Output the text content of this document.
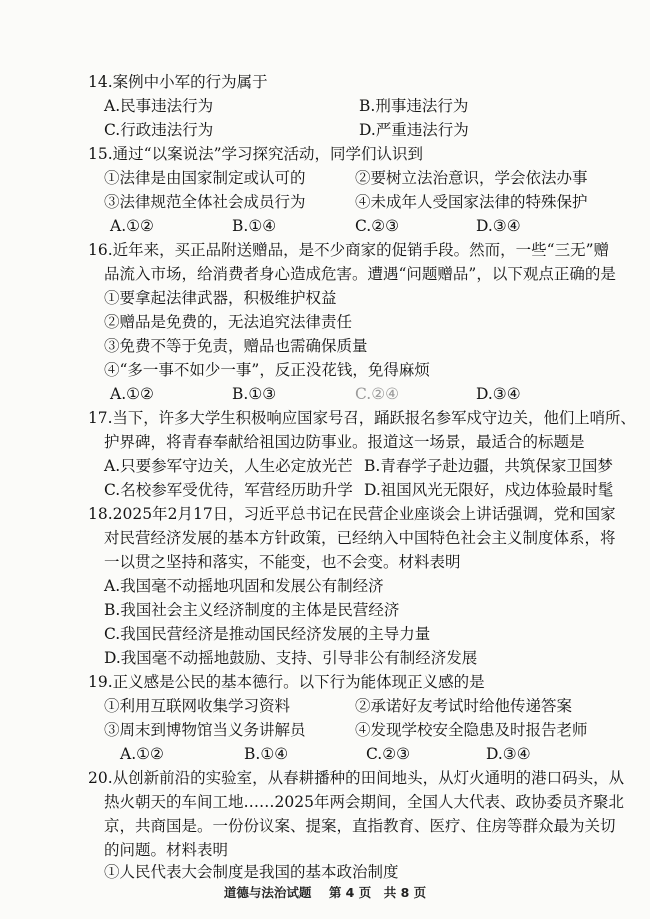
14.案例中小军的行为属于
A.民事违法行为	B.刑事违法行为
C.行政违法行为	D.严重违法行为
15.通过“以案说法”学习探究活动，同学们认识到
①法律是由国家制定或认可的	②要树立法治意识，学会依法办事
③法律规范全体社会成员行为	④未成年人受国家法律的特殊保护
A.①②	B.①④	C.②③	D.③④
16.近年来，买正品附送赠品，是不少商家的促销手段。然而，一些“三无”赠
品流入市场，给消费者身心造成危害。遭遇“问题赠品”，以下观点正确的是
①要拿起法律武器，积极维护权益
②赠品是免费的，无法追究法律责任
③免费不等于免责，赠品也需确保质量
④“多一事不如少一事”，反正没花钱，免得麻烦
A.①②	B.①③	C.②④	D.③④
17.当下，许多大学生积极响应国家号召，踊跃报名参军戍守边关，他们上哨所、
护界碑，将青春奉献给祖国边防事业。报道这一场景，最适合的标题是
A.只要参军守边关，人生必定放光芒 B.青春学子赴边疆，共筑保家卫国梦
C.名校参军受优待，军营经历助升学 D.祖国风光无限好，戍边体验最时髦
18.2025年2月17日，习近平总书记在民营企业座谈会上讲话强调，党和国家
对民营经济发展的基本方针政策，已经纳入中国特色社会主义制度体系，将
一以贯之坚持和落实，不能变，也不会变。材料表明
A.我国毫不动摇地巩固和发展公有制经济
B.我国社会主义经济制度的主体是民营经济
C.我国民营经济是推动国民经济发展的主导力量
D.我国毫不动摇地鼓励、支持、引导非公有制经济发展
19.正义感是公民的基本德行。以下行为能体现正义感的是
①利用互联网收集学习资料	②承诺好友考试时给他传递答案
③周末到博物馆当义务讲解员	④发现学校安全隐患及时报告老师
A.①②	B.①④	C.②③	D.③④
20.从创新前沿的实验室，从春耕播种的田间地头，从灯火通明的港口码头，从
热火朝天的车间工地……2025年两会期间，全国人大代表、政协委员齐聚北
京，共商国是。一份份议案、提案，直指教育、医疗、住房等群众最为关切
的问题。材料表明
①人民代表大会制度是我国的基本政治制度
道德与法治试题 第 4 页　共 8 页
